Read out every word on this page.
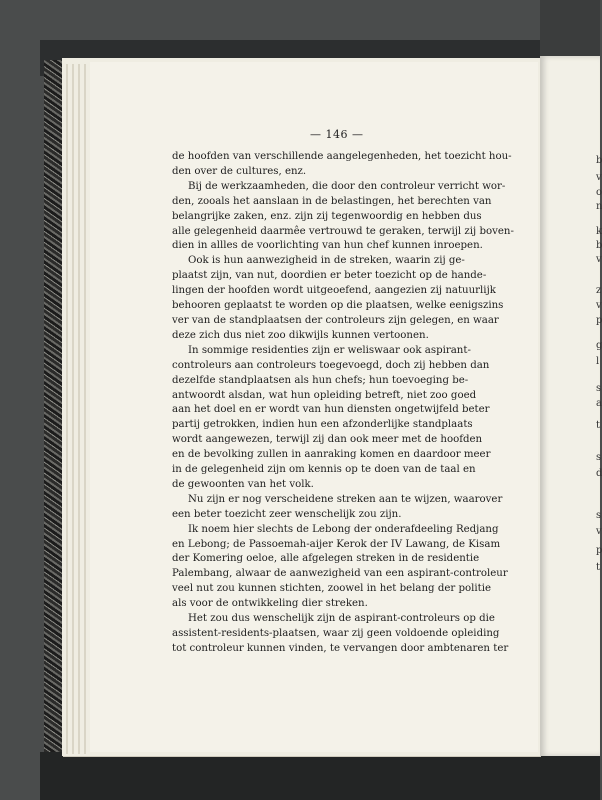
b
v
o
n
k
b
v
z
v
p
g
l
s
a
t
s
d
s
v
p
t
— 146 —
de hoofden van verschillende aangelegenheden, het toezicht hou-
den over de cultures, enz.
Bij de werkzaamheden, die door den controleur verricht wor-
den, zooals het aanslaan in de belastingen, het berechten van
belangrijke zaken, enz. zijn zij tegenwoordig en hebben dus
alle gelegenheid daarmêe vertrouwd te geraken, terwijl zij boven-
dien in allles de voorlichting van hun chef kunnen inroepen.
Ook is hun aanwezigheid in de streken, waarin zij ge-
plaatst zijn, van nut, doordien er beter toezicht op de hande-
lingen der hoofden wordt uitgeoefend, aangezien zij natuurlijk
behooren geplaatst te worden op die plaatsen, welke eenigszins
ver van de standplaatsen der controleurs zijn gelegen, en waar
deze zich dus niet zoo dikwijls kunnen vertoonen.
In sommige residenties zijn er weliswaar ook aspirant-
controleurs aan controleurs toegevoegd, doch zij hebben dan
dezelfde standplaatsen als hun chefs; hun toevoeging be-
antwoordt alsdan, wat hun opleiding betreft, niet zoo goed
aan het doel en er wordt van hun diensten ongetwijfeld beter
partij getrokken, indien hun een afzonderlijke standplaats
wordt aangewezen, terwijl zij dan ook meer met de hoofden
en de bevolking zullen in aanraking komen en daardoor meer
in de gelegenheid zijn om kennis op te doen van de taal en
de gewoonten van het volk.
Nu zijn er nog verscheidene streken aan te wijzen, waarover
een beter toezicht zeer wenschelijk zou zijn.
Ik noem hier slechts de Lebong der onderafdeeling Redjang
en Lebong; de Passoemah-aijer Kerok der IV Lawang, de Kisam
der Komering oeloe, alle afgelegen streken in de residentie
Palembang, alwaar de aanwezigheid van een aspirant-controleur
veel nut zou kunnen stichten, zoowel in het belang der politie
als voor de ontwikkeling dier streken.
Het zou dus wenschelijk zijn de aspirant-controleurs op die
assistent-residents-plaatsen, waar zij geen voldoende opleiding
tot controleur kunnen vinden, te vervangen door ambtenaren ter
